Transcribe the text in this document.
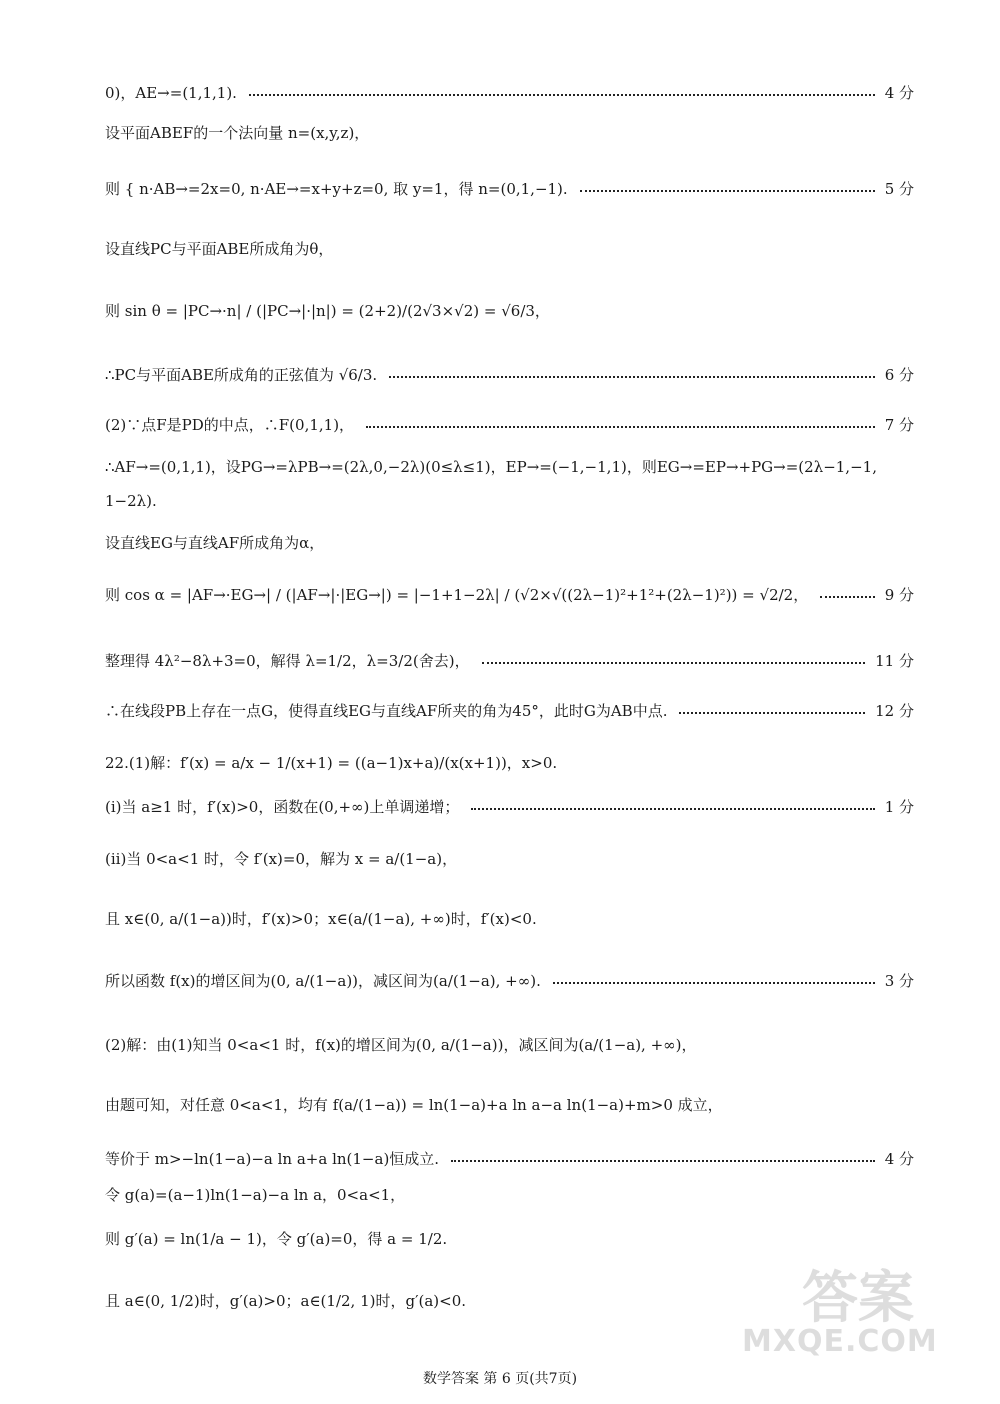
0)，AE→=(1,1,1).	4 分
设平面ABEF的一个法向量 n=(x,y,z)，
则 { n·AB→=2x=0, n·AE→=x+y+z=0, 取 y=1，得 n=(0,1,−1).	5 分
设直线PC与平面ABE所成角为θ，
则 sin θ = |PC→·n| / (|PC→|·|n|) = (2+2)/(2√3×√2) = √6/3，
∴PC与平面ABE所成角的正弦值为 √6/3.	6 分
(2)∵点F是PD的中点，∴F(0,1,1)，	7 分
∴AF→=(0,1,1)，设PG→=λPB→=(2λ,0,−2λ)(0≤λ≤1)，EP→=(−1,−1,1)，则EG→=EP→+PG→=(2λ−1,−1,
1−2λ).
设直线EG与直线AF所成角为α，
则 cos α = |AF→·EG→| / (|AF→|·|EG→|) = |−1+1−2λ| / (√2×√((2λ−1)²+1²+(2λ−1)²)) = √2/2，	9 分
整理得 4λ²−8λ+3=0，解得 λ=1/2，λ=3/2(舍去)，	11 分
∴在线段PB上存在一点G，使得直线EG与直线AF所夹的角为45°，此时G为AB中点.	12 分
22.(1)解：f′(x) = a/x − 1/(x+1) = ((a−1)x+a)/(x(x+1))，x>0.
(ⅰ)当 a≥1 时，f′(x)>0，函数在(0,+∞)上单调递增；	1 分
(ⅱ)当 0<a<1 时，令 f′(x)=0，解为 x = a/(1−a)，
且 x∈(0, a/(1−a))时，f′(x)>0；x∈(a/(1−a), +∞)时，f′(x)<0.
所以函数 f(x)的增区间为(0, a/(1−a))，减区间为(a/(1−a), +∞).	3 分
(2)解：由(1)知当 0<a<1 时，f(x)的增区间为(0, a/(1−a))，减区间为(a/(1−a), +∞)，
由题可知，对任意 0<a<1，均有 f(a/(1−a)) = ln(1−a)+a ln a−a ln(1−a)+m>0 成立，
等价于 m>−ln(1−a)−a ln a+a ln(1−a)恒成立.	4 分
令 g(a)=(a−1)ln(1−a)−a ln a，0<a<1，
则 g′(a) = ln(1/a − 1)，令 g′(a)=0，得 a = 1/2.
且 a∈(0, 1/2)时，g′(a)>0；a∈(1/2, 1)时，g′(a)<0.
数学答案 第 6 页(共7页)
答案
MXQE.COM
